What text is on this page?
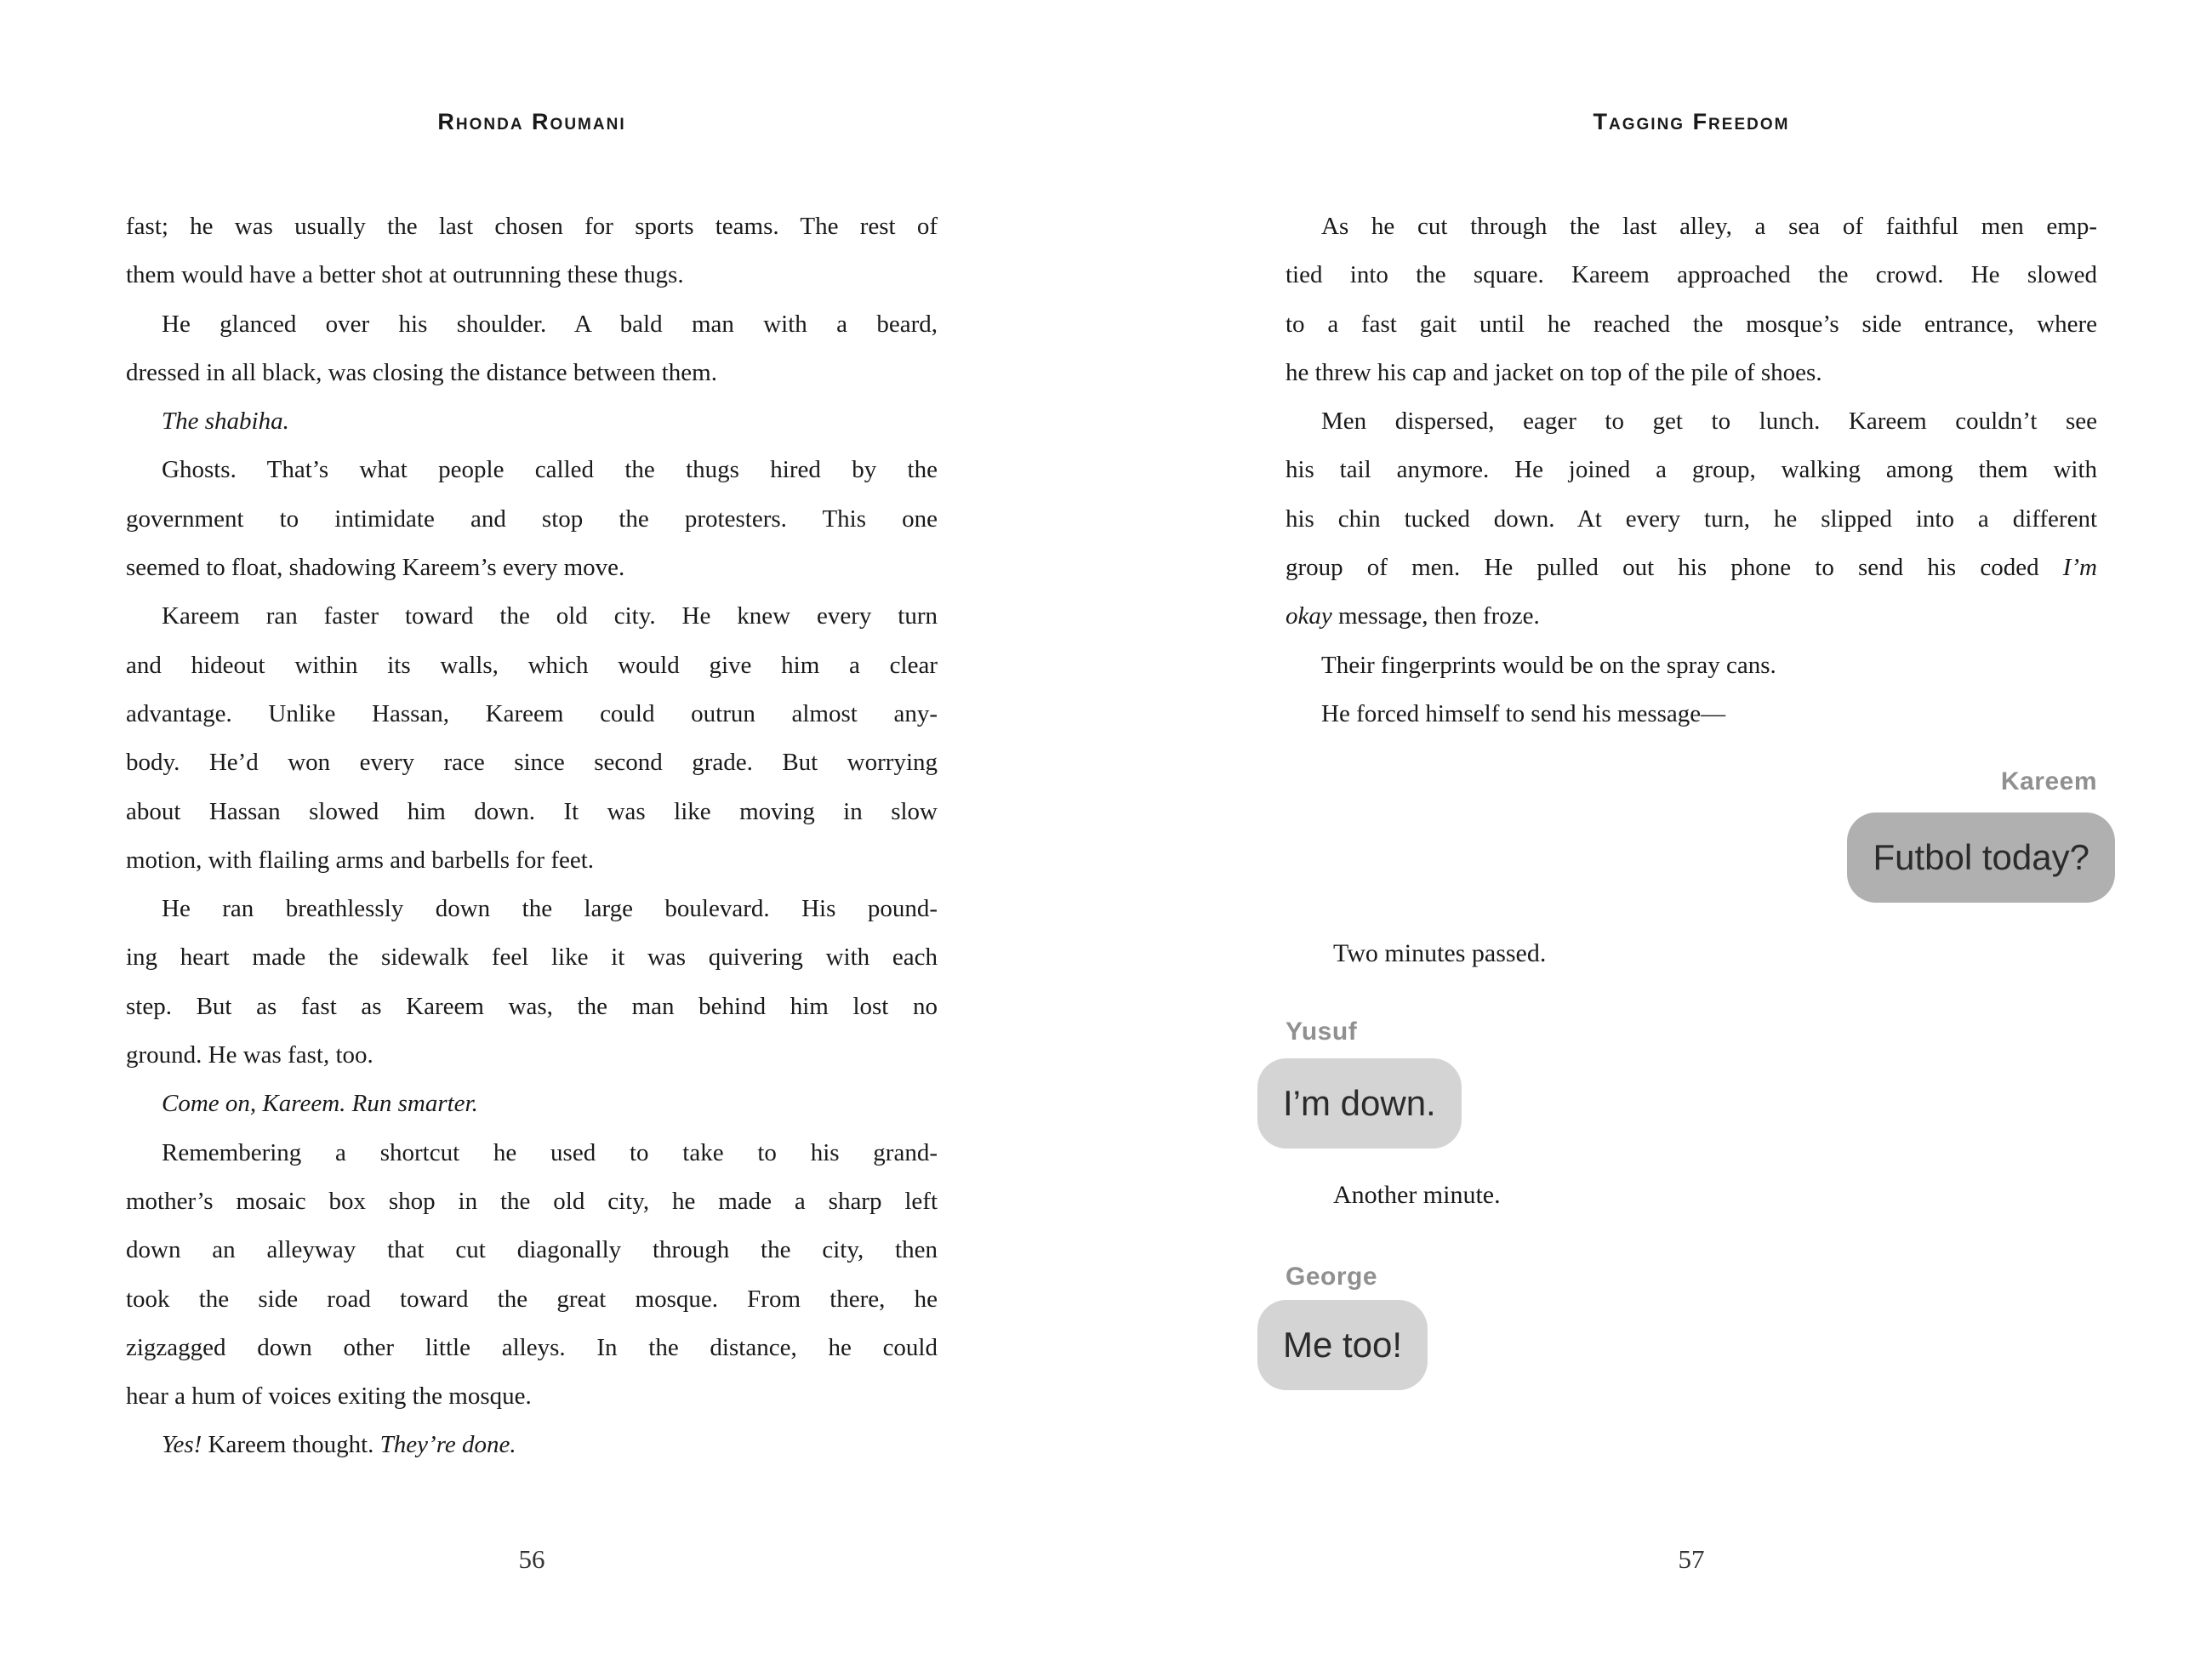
Rhonda Roumani
fast; he was usually the last chosen for sports teams. The rest of
them would have a better shot at outrunning these thugs.
He glanced over his shoulder. A bald man with a beard,
dressed in all black, was closing the distance between them.
The shabiha.
Ghosts. That’s what people called the thugs hired by the
government to intimidate and stop the protesters. This one
seemed to float, shadowing Kareem’s every move.
Kareem ran faster toward the old city. He knew every turn
and hideout within its walls, which would give him a clear
advantage. Unlike Hassan, Kareem could outrun almost any-
body. He’d won every race since second grade. But worrying
about Hassan slowed him down. It was like moving in slow
motion, with flailing arms and barbells for feet.
He ran breathlessly down the large boulevard. His pound-
ing heart made the sidewalk feel like it was quivering with each
step. But as fast as Kareem was, the man behind him lost no
ground. He was fast, too.
Come on, Kareem. Run smarter.
Remembering a shortcut he used to take to his grand-
mother’s mosaic box shop in the old city, he made a sharp left
down an alleyway that cut diagonally through the city, then
took the side road toward the great mosque. From there, he
zigzagged down other little alleys. In the distance, he could
hear a hum of voices exiting the mosque.
Yes! Kareem thought. They’re done.
56
Tagging Freedom
As he cut through the last alley, a sea of faithful men emp-
tied into the square. Kareem approached the crowd. He slowed
to a fast gait until he reached the mosque’s side entrance, where
he threw his cap and jacket on top of the pile of shoes.
Men dispersed, eager to get to lunch. Kareem couldn’t see
his tail anymore. He joined a group, walking among them with
his chin tucked down. At every turn, he slipped into a different
group of men. He pulled out his phone to send his coded I’m
okay message, then froze.
Their fingerprints would be on the spray cans.
He forced himself to send his message—
Kareem
Futbol today?
Two minutes passed.
Yusuf
I’m down.
Another minute.
George
Me too!
57
